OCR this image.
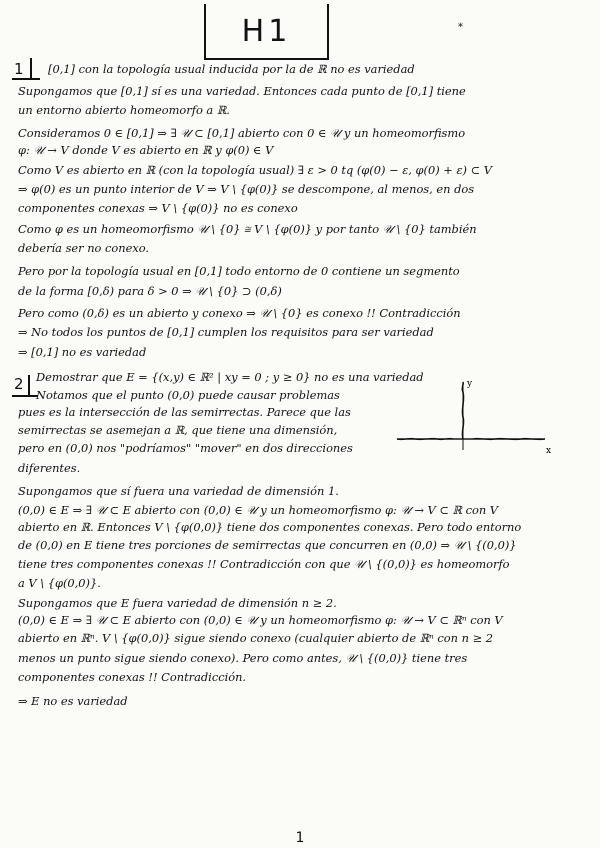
H1	*
1 [0,1] con la topología usual inducida por la de ℝ no es variedad
Supongamos que [0,1] sí es una variedad. Entonces cada punto de [0,1] tiene
un entorno abierto homeomorfo a ℝ.
Consideramos 0 ∈ [0,1] ⇒ ∃ 𝒰 ⊂ [0,1] abierto con 0 ∈ 𝒰 y un homeomorfismo
φ: 𝒰 → V donde V es abierto en ℝ y φ(0) ∈ V
Como V es abierto en ℝ (con la topología usual) ∃ ε > 0 tq (φ(0) − ε, φ(0) + ε) ⊂ V
⇒ φ(0) es un punto interior de V ⇒ V \ {φ(0)} se descompone, al menos, en dos
componentes conexas ⇒ V \ {φ(0)} no es conexo
Como φ es un homeomorfismo 𝒰 \ {0} ≅ V \ {φ(0)} y por tanto 𝒰 \ {0} también
debería ser no conexo.
Pero por la topología usual en [0,1] todo entorno de 0 contiene un segmento
de la forma [0,δ) para δ > 0 ⇒ 𝒰 \ {0} ⊃ (0,δ)
Pero como (0,δ) es un abierto y conexo ⇒ 𝒰 \ {0} es conexo !! Contradicción
⇒ No todos los puntos de [0,1] cumplen los requisitos para ser variedad
⇒ [0,1] no es variedad
2 Demostrar que E = {(x,y) ∈ ℝ² | xy = 0 ; y ≥ 0} no es una variedad
Notamos que el punto (0,0) puede causar problemas
pues es la intersección de las semirrectas. Parece que las
semirrectas se asemejan a ℝ, que tiene una dimensión,
pero en (0,0) nos "podríamos" "mover" en dos direcciones
diferentes.
Supongamos que sí fuera una variedad de dimensión 1.
(0,0) ∈ E ⇒ ∃ 𝒰 ⊂ E abierto con (0,0) ∈ 𝒰 y un homeomorfismo φ: 𝒰 → V ⊂ ℝ con V
abierto en ℝ. Entonces V \ {φ(0,0)} tiene dos componentes conexas. Pero todo entorno
de (0,0) en E tiene tres porciones de semirrectas que concurren en (0,0) ⇒ 𝒰 \ {(0,0)}
tiene tres componentes conexas !! Contradicción con que 𝒰 \ {(0,0)} es homeomorfo
a V \ {φ(0,0)}.
Supongamos que E fuera variedad de dimensión n ≥ 2.
(0,0) ∈ E ⇒ ∃ 𝒰 ⊂ E abierto con (0,0) ∈ 𝒰 y un homeomorfismo φ: 𝒰 → V ⊂ ℝⁿ con V
abierto en ℝⁿ. V \ {φ(0,0)} sigue siendo conexo (cualquier abierto de ℝⁿ con n ≥ 2
menos un punto sigue siendo conexo). Pero como antes, 𝒰 \ {(0,0)} tiene tres
componentes conexas !! Contradicción.
⇒ E no es variedad
y
x
1
